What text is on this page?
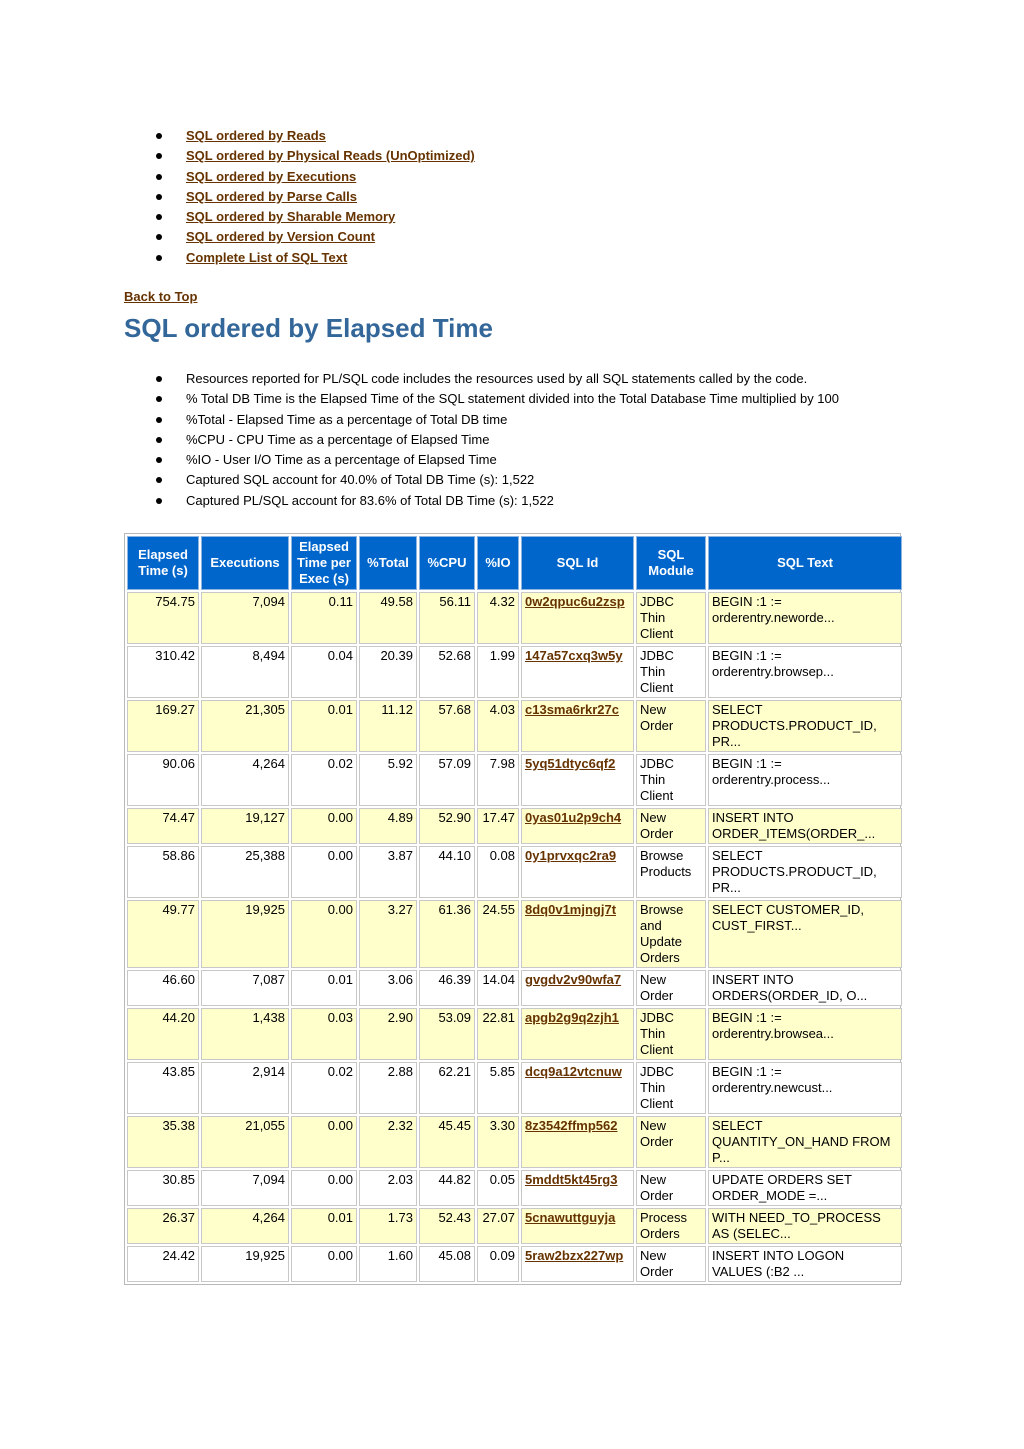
SQL ordered by Reads
SQL ordered by Physical Reads (UnOptimized)
SQL ordered by Executions
SQL ordered by Parse Calls
SQL ordered by Sharable Memory
SQL ordered by Version Count
Complete List of SQL Text
Back to Top
SQL ordered by Elapsed Time
Resources reported for PL/SQL code includes the resources used by all SQL statements called by the code.
% Total DB Time is the Elapsed Time of the SQL statement divided into the Total Database Time multiplied by 100
%Total - Elapsed Time as a percentage of Total DB time
%CPU - CPU Time as a percentage of Elapsed Time
%IO - User I/O Time as a percentage of Elapsed Time
Captured SQL account for 40.0% of Total DB Time (s): 1,522
Captured PL/SQL account for 83.6% of Total DB Time (s): 1,522
Elapsed Time (s)	Executions	Elapsed Time per Exec (s)	%Total	%CPU	%IO	SQL Id	SQL Module	SQL Text
754.75	7,094	0.11	49.58	56.11	4.32	0w2qpuc6u2zsp	JDBC Thin Client	BEGIN :1 := orderentry.neworde...
310.42	8,494	0.04	20.39	52.68	1.99	147a57cxq3w5y	JDBC Thin Client	BEGIN :1 := orderentry.browsep...
169.27	21,305	0.01	11.12	57.68	4.03	c13sma6rkr27c	New Order	SELECT PRODUCTS.PRODUCT_ID, PR...
90.06	4,264	0.02	5.92	57.09	7.98	5yq51dtyc6qf2	JDBC Thin Client	BEGIN :1 := orderentry.process...
74.47	19,127	0.00	4.89	52.90	17.47	0yas01u2p9ch4	New Order	INSERT INTO ORDER_ITEMS(ORDER_...
58.86	25,388	0.00	3.87	44.10	0.08	0y1prvxqc2ra9	Browse Products	SELECT PRODUCTS.PRODUCT_ID, PR...
49.77	19,925	0.00	3.27	61.36	24.55	8dq0v1mjngj7t	Browse and Update Orders	SELECT CUSTOMER_ID, CUST_FIRST...
46.60	7,087	0.01	3.06	46.39	14.04	gvgdv2v90wfa7	New Order	INSERT INTO ORDERS(ORDER_ID, O...
44.20	1,438	0.03	2.90	53.09	22.81	apgb2g9q2zjh1	JDBC Thin Client	BEGIN :1 := orderentry.browsea...
43.85	2,914	0.02	2.88	62.21	5.85	dcq9a12vtcnuw	JDBC Thin Client	BEGIN :1 := orderentry.newcust...
35.38	21,055	0.00	2.32	45.45	3.30	8z3542ffmp562	New Order	SELECT QUANTITY_ON_HAND FROM P...
30.85	7,094	0.00	2.03	44.82	0.05	5mddt5kt45rg3	New Order	UPDATE ORDERS SET ORDER_MODE =...
26.37	4,264	0.01	1.73	52.43	27.07	5cnawuttguyja	Process Orders	WITH NEED_TO_PROCESS AS (SELEC...
24.42	19,925	0.00	1.60	45.08	0.09	5raw2bzx227wp	New Order	INSERT INTO LOGON VALUES (:B2 ...
